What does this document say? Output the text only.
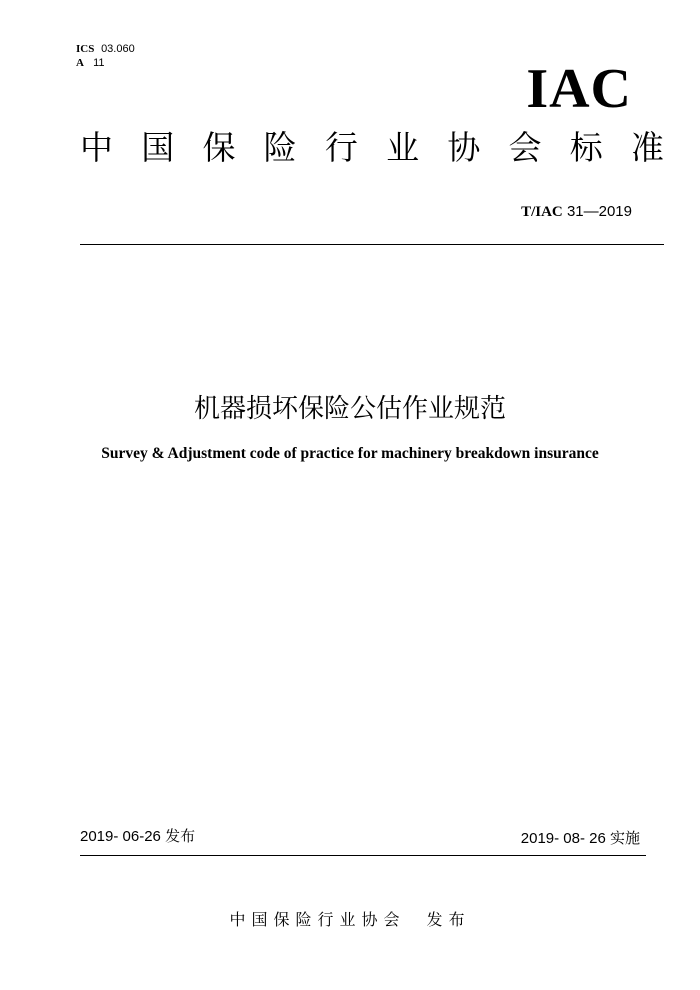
ICS 03.060
A 11	IAC
中 国 保 险 行 业 协 会 标 准
T/IAC 31—2019
机器损坏保险公估作业规范
Survey & Adjustment code of practice for machinery breakdown insurance
2019- 06-26 发布	2019- 08- 26 实施
中国保险行业协会  发布
